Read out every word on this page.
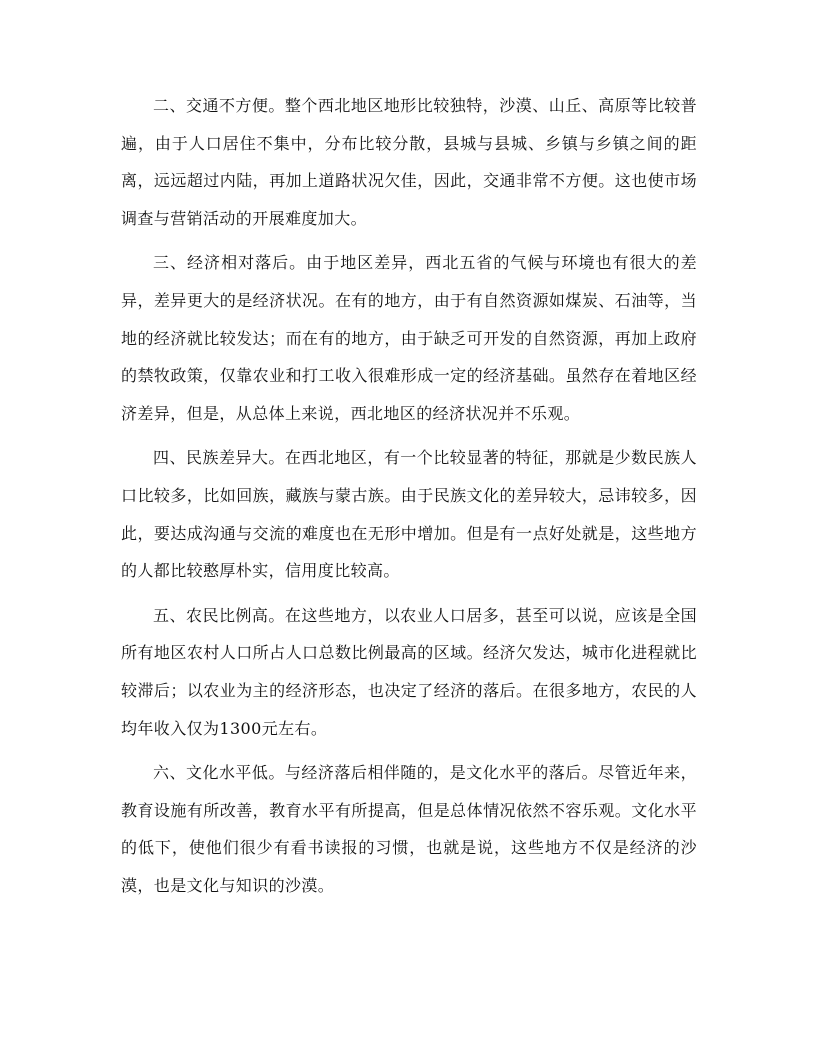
二、交通不方便。整个西北地区地形比较独特，沙漠、山丘、高原等比较普遍，由于人口居住不集中，分布比较分散，县城与县城、乡镇与乡镇之间的距离，远远超过内陆，再加上道路状况欠佳，因此，交通非常不方便。这也使市场调查与营销活动的开展难度加大。

三、经济相对落后。由于地区差异，西北五省的气候与环境也有很大的差异，差异更大的是经济状况。在有的地方，由于有自然资源如煤炭、石油等，当地的经济就比较发达；而在有的地方，由于缺乏可开发的自然资源，再加上政府的禁牧政策，仅靠农业和打工收入很难形成一定的经济基础。虽然存在着地区经济差异，但是，从总体上来说，西北地区的经济状况并不乐观。

四、民族差异大。在西北地区，有一个比较显著的特征，那就是少数民族人口比较多，比如回族，藏族与蒙古族。由于民族文化的差异较大，忌讳较多，因此，要达成沟通与交流的难度也在无形中增加。但是有一点好处就是，这些地方的人都比较憨厚朴实，信用度比较高。

五、农民比例高。在这些地方，以农业人口居多，甚至可以说，应该是全国所有地区农村人口所占人口总数比例最高的区域。经济欠发达，城市化进程就比较滞后；以农业为主的经济形态，也决定了经济的落后。在很多地方，农民的人均年收入仅为1300元左右。

六、文化水平低。与经济落后相伴随的，是文化水平的落后。尽管近年来，教育设施有所改善，教育水平有所提高，但是总体情况依然不容乐观。文化水平的低下，使他们很少有看书读报的习惯，也就是说，这些地方不仅是经济的沙漠，也是文化与知识的沙漠。
